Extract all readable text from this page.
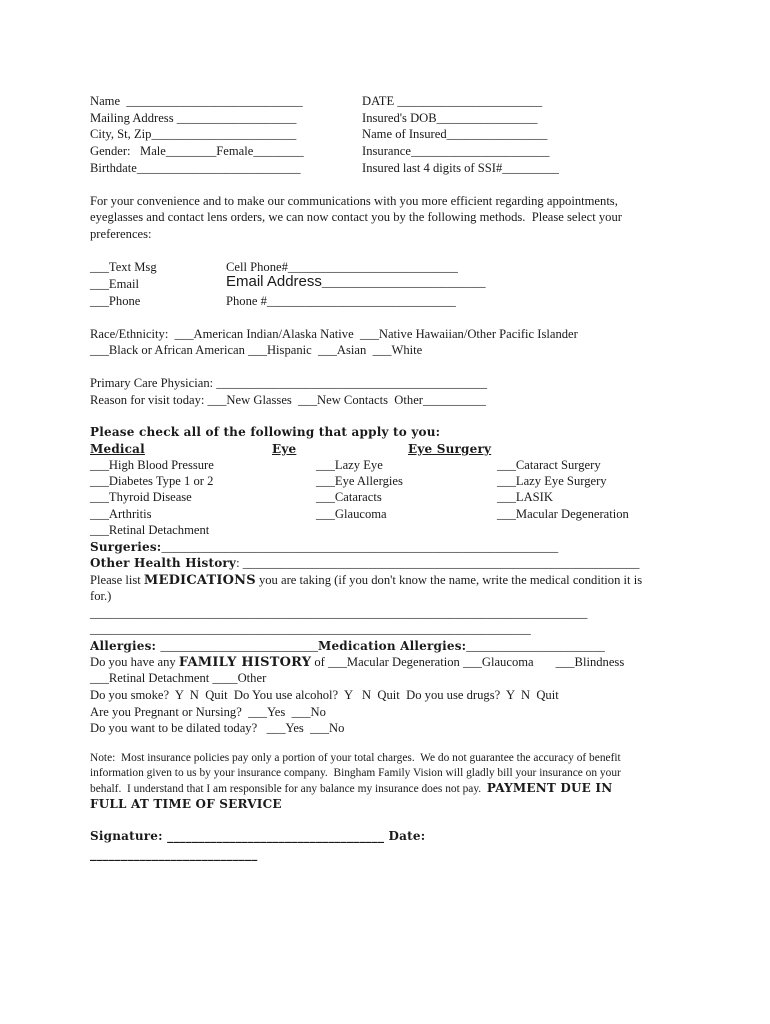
Name  ____________________________
Mailing Address ___________________
City, St, Zip_______________________
Gender:   Male________Female________
Birthdate__________________________
DATE _______________________
Insured's DOB________________
Name of Insured________________
Insurance______________________
Insured last 4 digits of SSI#_________
For your convenience and to make our communications with you more efficient regarding appointments,
eyeglasses and contact lens orders, we can now contact you by the following methods.  Please select your
preferences:
___Text Msg
___Email
___Phone
Cell Phone#___________________________
Email Address__________________________
Phone #______________________________
Race/Ethnicity:  ___American Indian/Alaska Native  ___Native Hawaiian/Other Pacific Islander
___Black or African American ___Hispanic  ___Asian  ___White
Primary Care Physician: ___________________________________________
Reason for visit today: ___New Glasses  ___New Contacts  Other__________
Please check all of the following that apply to you:
Medical	Eye	Eye Surgery
___High Blood Pressure
___Diabetes Type 1 or 2
___Thyroid Disease
___Arthritis
___Retinal Detachment
___Lazy Eye
___Eye Allergies
___Cataracts
___Glaucoma
___Cataract Surgery
___Lazy Eye Surgery
___LASIK
___Macular Degeneration
Surgeries:_______________________________________________________________
Other Health History: _______________________________________________________________
Please list MEDICATIONS you are taking (if you don't know the name, write the medical condition it is
for.)
_______________________________________________________________________________
______________________________________________________________________
Allergies: _________________________Medication Allergies:______________________
Do you have any FAMILY HISTORY of ___Macular Degeneration ___Glaucoma       ___Blindness
___Retinal Detachment ____Other
Do you smoke?  Y  N  Quit  Do You use alcohol?  Y   N  Quit  Do you use drugs?  Y  N  Quit
Are you Pregnant or Nursing?  ___Yes  ___No
Do you want to be dilated today?   ___Yes  ___No
Note:  Most insurance policies pay only a portion of your total charges.  We do not guarantee the accuracy of benefit
information given to us by your insurance company.  Bingham Family Vision will gladly bill your insurance on your
behalf.  I understand that I am responsible for any balance my insurance does not pay.  PAYMENT DUE IN
FULL AT TIME OF SERVICE
Signature: ___________________________________ Date:
___________________________
